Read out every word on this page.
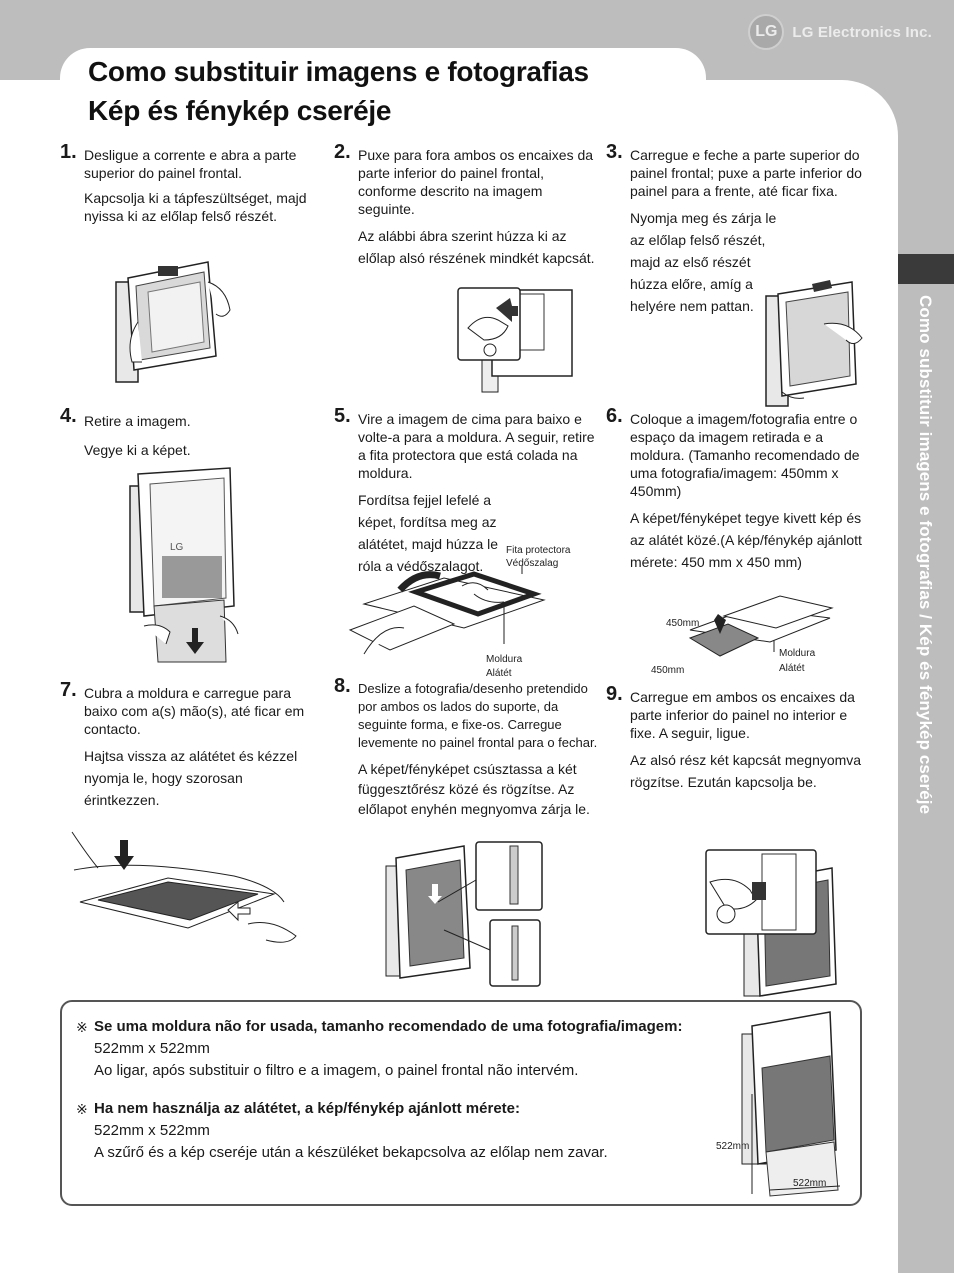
LG LG Electronics Inc.
Como substituir imagens e fotografias
Kép és fénykép cseréje
Como substituir imagens e fotografias / Kép és fénykép cseréje
1. Desligue a corrente e abra a parte superior do painel frontal.

Kapcsolja ki a tápfeszültséget, majd nyissa ki az előlap felső részét.

2. Puxe para fora ambos os encaixes da parte inferior do painel frontal, conforme descrito na imagem seguinte.

Az alábbi ábra szerint húzza ki az előlap alsó részének mindkét kapcsát.

3. Carregue e feche a parte superior do painel frontal; puxe a parte inferior do painel para a frente, até ficar fixa.

Nyomja meg és zárja le az előlap felső részét, majd az első részét húzza előre, amíg a helyére nem pattan.

4. Retire a imagem.

Vegye ki a képet.

LG
5. Vire a imagem de cima para baixo e volte-a para a moldura. A seguir, retire a fita protectora que está colada na moldura.

Fordítsa fejjel lefelé a képet, fordítsa meg az alátétet, majd húzza le róla a védőszalagot.

Fita protectora
Védőszalag
Moldura
Alátét
6. Coloque a imagem/fotografia entre o espaço da imagem retirada e a moldura. (Tamanho recomendado de uma fotografia/imagem: 450mm x 450mm)

A képet/fényképet tegye kivett kép és az alátét közé.(A kép/fénykép ajánlott mérete: 450 mm x 450 mm)

450mm
450mm
Moldura
Alátét
7. Cubra a moldura e carregue para baixo com a(s) mão(s), até ficar em contacto.

Hajtsa vissza az alátétet és kézzel nyomja le, hogy szorosan érintkezzen.

8. Deslize a fotografia/desenho pretendido por ambos os lados do suporte, da seguinte forma, e fixe-os. Carregue levemente no painel frontal para o fechar.

A képet/fényképet csúsztassa a két függesztőrész közé és rögzítse. Az előlapot enyhén megnyomva zárja le.

9. Carregue em ambos os encaixes da parte inferior do painel no interior e fixe. A seguir, ligue.

Az alsó rész két kapcsát megnyomva rögzítse. Ezután kapcsolja be.

※ Se uma moldura não for usada, tamanho recomendado de uma fotografia/imagem:
522mm x 522mm
Ao ligar, após substituir o filtro e a imagem, o painel frontal não intervém.
※ Ha nem használja az alátétet, a kép/fénykép ajánlott mérete:
522mm x 522mm
A szűrő és a kép cseréje után a készüléket bekapcsolva az előlap nem zavar.	522mm
522mm
